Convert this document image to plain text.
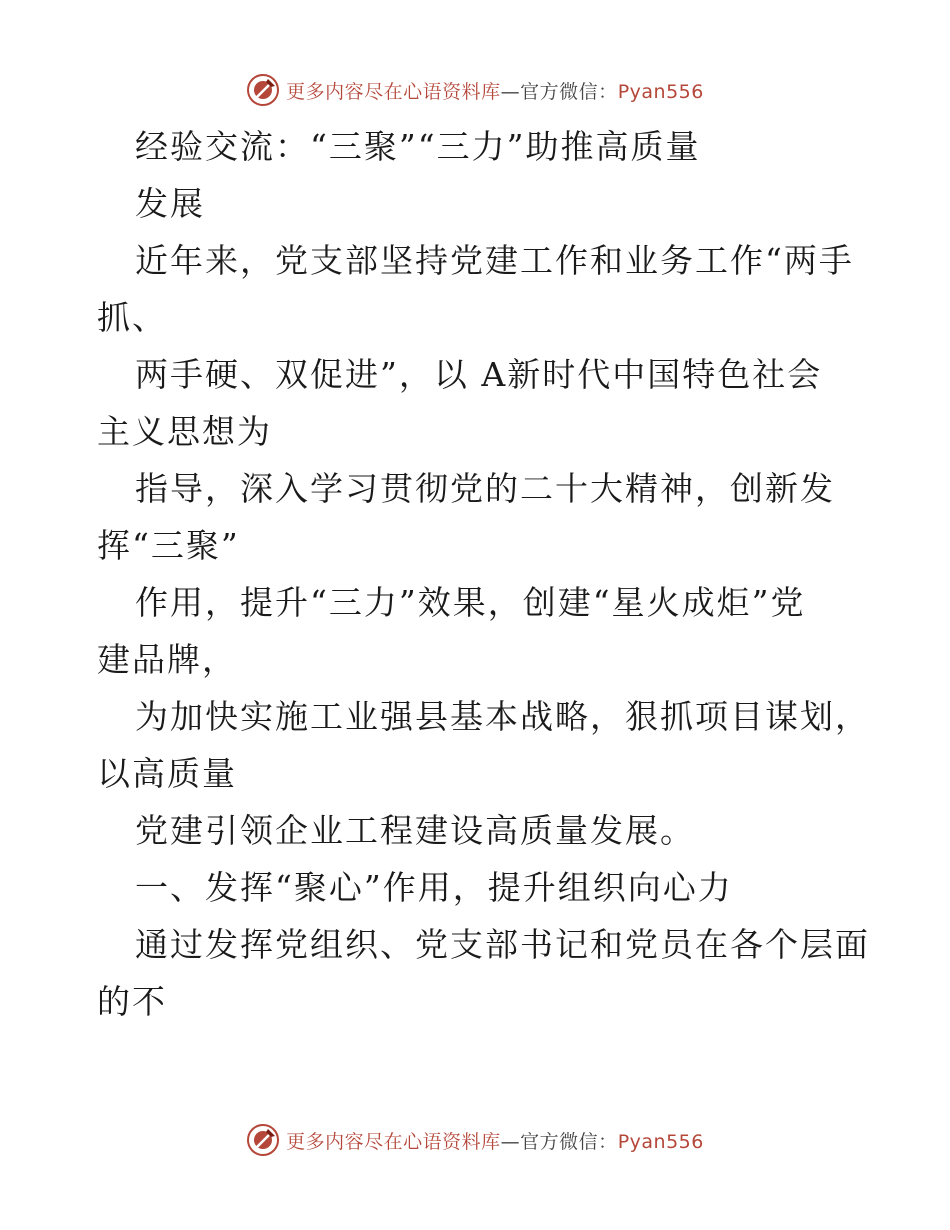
更多内容尽在心语资料库—官方微信：Pyan556
经验交流：“三聚”“三力”助推高质量
发展
近年来，党支部坚持党建工作和业务工作“两手
抓、
两手硬、双促进”，以 A新时代中国特色社会
主义思想为
指导，深入学习贯彻党的二十大精神，创新发
挥“三聚”
作用，提升“三力”效果，创建“星火成炬”党
建品牌，
为加快实施工业强县基本战略，狠抓项目谋划，
以高质量
党建引领企业工程建设高质量发展。
一、发挥“聚心”作用，提升组织向心力
通过发挥党组织、党支部书记和党员在各个层面
的不
更多内容尽在心语资料库—官方微信：Pyan556
